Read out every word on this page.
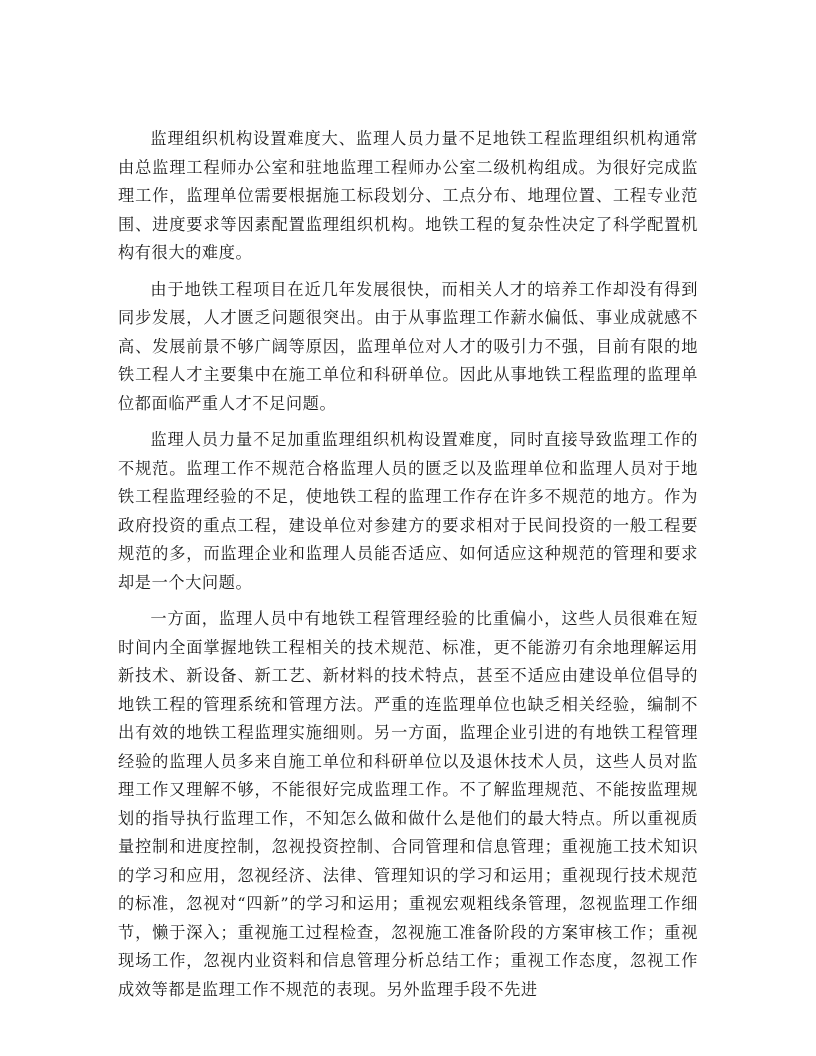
监理组织机构设置难度大、监理人员力量不足地铁工程监理组织机构通常由总监理工程师办公室和驻地监理工程师办公室二级机构组成。为很好完成监理工作，监理单位需要根据施工标段划分、工点分布、地理位置、工程专业范围、进度要求等因素配置监理组织机构。地铁工程的复杂性决定了科学配置机构有很大的难度。

由于地铁工程项目在近几年发展很快，而相关人才的培养工作却没有得到同步发展，人才匮乏问题很突出。由于从事监理工作薪水偏低、事业成就感不高、发展前景不够广阔等原因，监理单位对人才的吸引力不强，目前有限的地铁工程人才主要集中在施工单位和科研单位。因此从事地铁工程监理的监理单位都面临严重人才不足问题。

监理人员力量不足加重监理组织机构设置难度，同时直接导致监理工作的不规范。监理工作不规范合格监理人员的匮乏以及监理单位和监理人员对于地铁工程监理经验的不足，使地铁工程的监理工作存在许多不规范的地方。作为政府投资的重点工程，建设单位对参建方的要求相对于民间投资的一般工程要规范的多，而监理企业和监理人员能否适应、如何适应这种规范的管理和要求却是一个大问题。

一方面，监理人员中有地铁工程管理经验的比重偏小，这些人员很难在短时间内全面掌握地铁工程相关的技术规范、标准，更不能游刃有余地理解运用新技术、新设备、新工艺、新材料的技术特点，甚至不适应由建设单位倡导的地铁工程的管理系统和管理方法。严重的连监理单位也缺乏相关经验，编制不出有效的地铁工程监理实施细则。另一方面，监理企业引进的有地铁工程管理经验的监理人员多来自施工单位和科研单位以及退休技术人员，这些人员对监理工作又理解不够，不能很好完成监理工作。不了解监理规范、不能按监理规划的指导执行监理工作，不知怎么做和做什么是他们的最大特点。所以重视质量控制和进度控制，忽视投资控制、合同管理和信息管理；重视施工技术知识的学习和应用，忽视经济、法律、管理知识的学习和运用；重视现行技术规范的标准，忽视对“四新”的学习和运用；重视宏观粗线条管理，忽视监理工作细节，懒于深入；重视施工过程检查，忽视施工准备阶段的方案审核工作；重视现场工作，忽视内业资料和信息管理分析总结工作；重视工作态度，忽视工作成效等都是监理工作不规范的表现。另外监理手段不先进
